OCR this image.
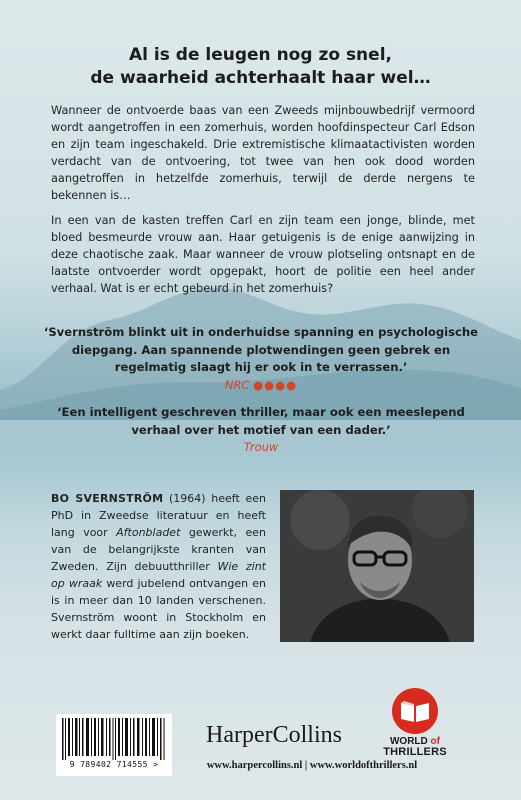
Al is de leugen nog zo snel,
de waarheid achterhaalt haar wel…

Wanneer de ontvoerde baas van een Zweeds mijnbouwbedrijf vermoord wordt aangetroffen in een zomerhuis, worden hoofdinspecteur Carl Edson en zijn team ingeschakeld. Drie extremistische klimaatactivisten worden verdacht van de ontvoering, tot twee van hen ook dood worden aangetroffen in hetzelfde zomerhuis, terwijl de derde nergens te bekennen is…

In een van de kasten treffen Carl en zijn team een jonge, blinde, met bloed besmeurde vrouw aan. Haar getuigenis is de enige aanwijzing in deze chaotische zaak. Maar wanneer de vrouw plotseling ontsnapt en de laatste ontvoerder wordt opgepakt, hoort de politie een heel ander verhaal. Wat is er echt gebeurd in het zomerhuis?

‘Svernström blinkt uit in onderhuidse spanning en psychologische diepgang. Aan spannende plotwendingen geen gebrek en regelmatig slaagt hij er ook in te verrassen.’
NRC ●●●●
‘Een intelligent geschreven thriller, maar ook een meeslepend verhaal over het motief van een dader.’
Trouw

BO SVERNSTRÖM (1964) heeft een PhD in Zweedse literatuur en heeft lang voor Aftonbladet gewerkt, een van de belangrijkste kranten van Zweden. Zijn debuutthriller Wie zint op wraak werd jubelend ontvangen en is in meer dan 10 landen verschenen. Svernström woont in Stockholm en werkt daar fulltime aan zijn boeken.

9 789402 714555 >
HarperCollins
www.harpercollins.nl | www.worldofthrillers.nl
WORLD of
THRILLERS
